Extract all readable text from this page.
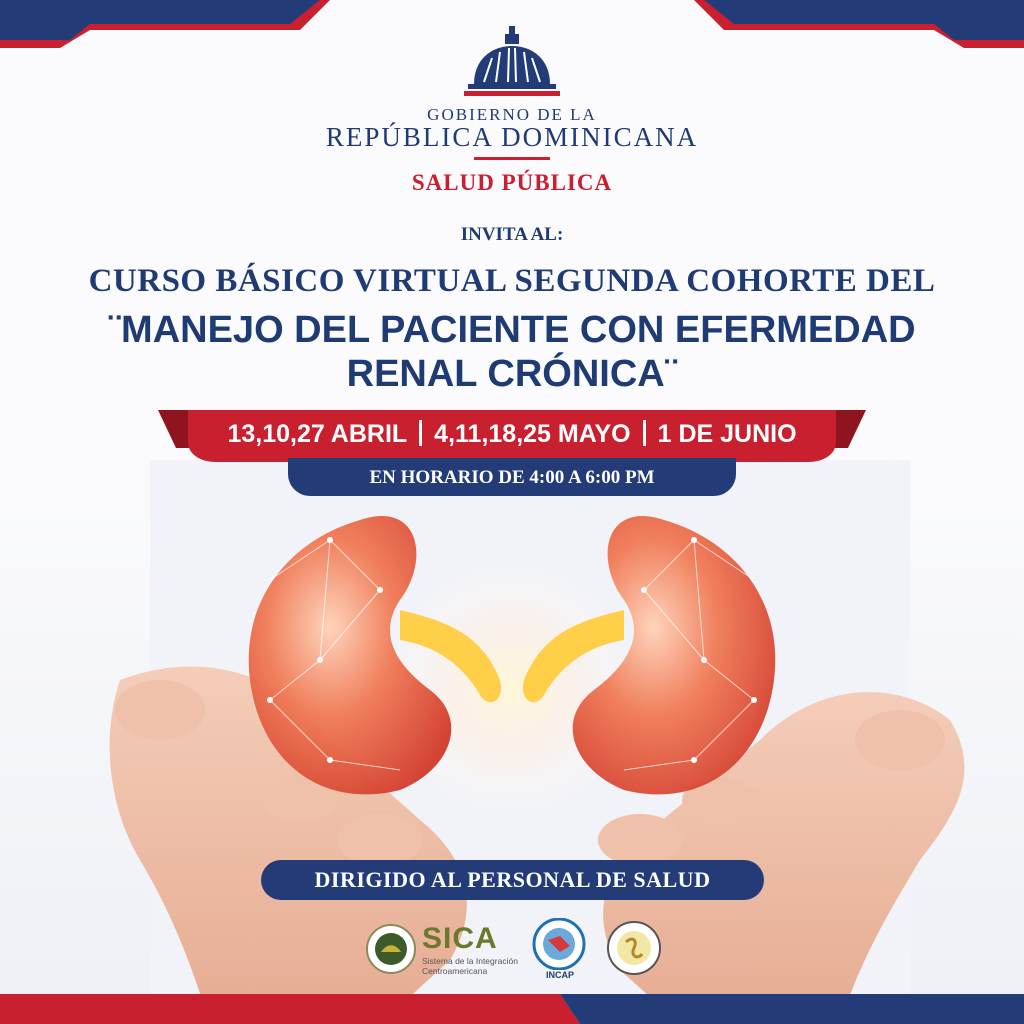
GOBIERNO DE LA
REPÚBLICA DOMINICANA
SALUD PÚBLICA
INVITA AL:
CURSO BÁSICO VIRTUAL SEGUNDA COHORTE DEL
¨MANEJO DEL PACIENTE CON EFERMEDAD
RENAL CRÓNICA¨
13,10,27 ABRIL 4,11,18,25 MAYO 1 DE JUNIO
EN HORARIO DE 4:00 A 6:00 PM
DIRIGIDO AL PERSONAL DE SALUD
SICA
Sistema de la Integración Centroamericana	INCAP
